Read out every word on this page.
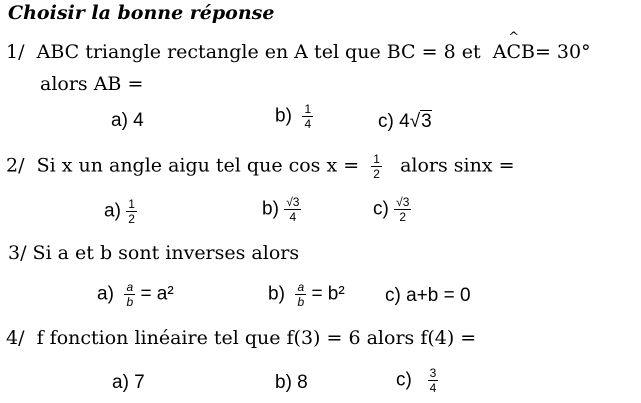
Choisir la bonne réponse
1/ ABC triangle rectangle en A tel que BC = 8 et A^ CB= 30°
alors AB =
a) 4	$b) \frac{1}{4}$	c) 4√3
2/ Si x un angle aigu tel que $\cos x = \frac{1}{2}$ alors sinx =
$a) \frac{1}{2}$	$b) \frac{√3}{4}$	$c) \frac{√3}{2}$
3/ Si a et b sont inverses alors
$a) \frac{a}{b} = a^2$	$b) \frac{a}{b} = b^2$ c) a+b = 0
4/ f fonction linéaire tel que f(3) = 6 alors f(4) =
a) 7	b) 8	$c) \frac{3}{4}$
